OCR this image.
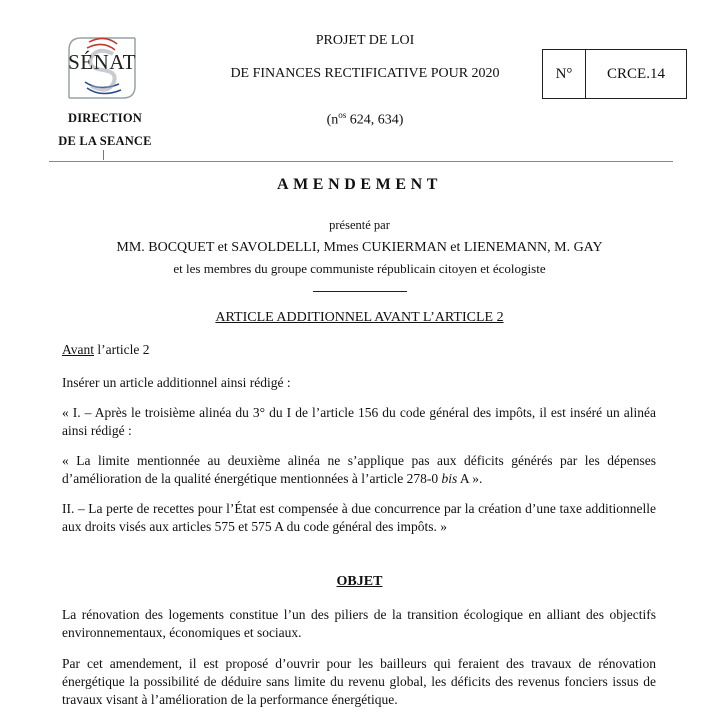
SÉNAT
DIRECTION
DE LA SEANCE
PROJET DE LOI
DE FINANCES RECTIFICATIVE POUR 2020
($n^{os}$ 624, 634)
N°	CRCE.14
AMENDEMENT
présenté par
MM. BOCQUET et SAVOLDELLI, Mmes CUKIERMAN et LIENEMANN, M. GAY
et les membres du groupe communiste républicain citoyen et écologiste
ARTICLE ADDITIONNEL AVANT L’ARTICLE 2
Avant l’article 2
Insérer un article additionnel ainsi rédigé :
« I. – Après le troisième alinéa du 3° du I de l’article 156 du code général des impôts, il est inséré un alinéa ainsi rédigé :
« La limite mentionnée au deuxième alinéa ne s’applique pas aux déficits générés par les dépenses d’amélioration de la qualité énergétique mentionnées à l’article 278-0 bis A ».
II. – La perte de recettes pour l’État est compensée à due concurrence par la création d’une taxe additionnelle aux droits visés aux articles 575 et 575 A du code général des impôts. »
OBJET
La rénovation des logements constitue l’un des piliers de la transition écologique en alliant des objectifs environnementaux, économiques et sociaux.
Par cet amendement, il est proposé d’ouvrir pour les bailleurs qui feraient des travaux de rénovation énergétique la possibilité de déduire sans limite du revenu global, les déficits des revenus fonciers issus de travaux visant à l’amélioration de la performance énergétique.
